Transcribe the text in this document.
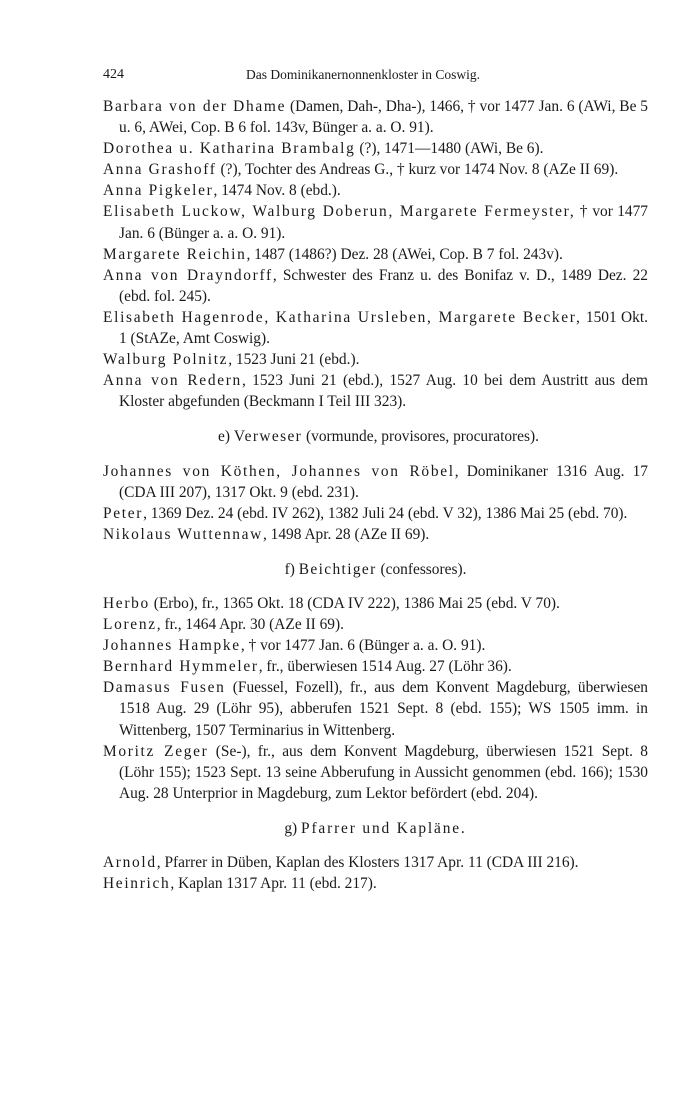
424	Das Dominikanernonnenkloster in Coswig.

Barbara von der Dhame (Damen, Dah-, Dha-), 1466, † vor 1477 Jan. 6 (AWi, Be 5 u. 6, AWei, Cop. B 6 fol. 143v, Bünger a. a. O. 91).

Dorothea u. Katharina Brambalg (?), 1471—1480 (AWi, Be 6).

Anna Grashoff (?), Tochter des Andreas G., † kurz vor 1474 Nov. 8 (AZe II 69).

Anna Pigkeler, 1474 Nov. 8 (ebd.).

Elisabeth Luckow, Walburg Doberun, Margarete Fermeyster, † vor 1477 Jan. 6 (Bünger a. a. O. 91).

Margarete Reichin, 1487 (1486?) Dez. 28 (AWei, Cop. B 7 fol. 243v).

Anna von Drayndorff, Schwester des Franz u. des Bonifaz v. D., 1489 Dez. 22 (ebd. fol. 245).

Elisabeth Hagenrode, Katharina Ursleben, Margarete Becker, 1501 Okt. 1 (StAZe, Amt Coswig).

Walburg Polnitz, 1523 Juni 21 (ebd.).

Anna von Redern, 1523 Juni 21 (ebd.), 1527 Aug. 10 bei dem Austritt aus dem Kloster abgefunden (Beckmann I Teil III 323).

e) Verweser (vormunde, provisores, procuratores).

Johannes von Köthen, Johannes von Röbel, Dominikaner 1316 Aug. 17 (CDA III 207), 1317 Okt. 9 (ebd. 231).

Peter, 1369 Dez. 24 (ebd. IV 262), 1382 Juli 24 (ebd. V 32), 1386 Mai 25 (ebd. 70).

Nikolaus Wuttennaw, 1498 Apr. 28 (AZe II 69).

f) Beichtiger (confessores).

Herbo (Erbo), fr., 1365 Okt. 18 (CDA IV 222), 1386 Mai 25 (ebd. V 70).

Lorenz, fr., 1464 Apr. 30 (AZe II 69).

Johannes Hampke, † vor 1477 Jan. 6 (Bünger a. a. O. 91).

Bernhard Hymmeler, fr., überwiesen 1514 Aug. 27 (Löhr 36).

Damasus Fusen (Fuessel, Fozell), fr., aus dem Konvent Magdeburg, überwiesen 1518 Aug. 29 (Löhr 95), abberufen 1521 Sept. 8 (ebd. 155); WS 1505 imm. in Wittenberg, 1507 Terminarius in Wittenberg.

Moritz Zeger (Se-), fr., aus dem Konvent Magdeburg, überwiesen 1521 Sept. 8 (Löhr 155); 1523 Sept. 13 seine Abberufung in Aussicht genommen (ebd. 166); 1530 Aug. 28 Unterprior in Magdeburg, zum Lektor befördert (ebd. 204).

g) Pfarrer und Kapläne.

Arnold, Pfarrer in Düben, Kaplan des Klosters 1317 Apr. 11 (CDA III 216).

Heinrich, Kaplan 1317 Apr. 11 (ebd. 217).
